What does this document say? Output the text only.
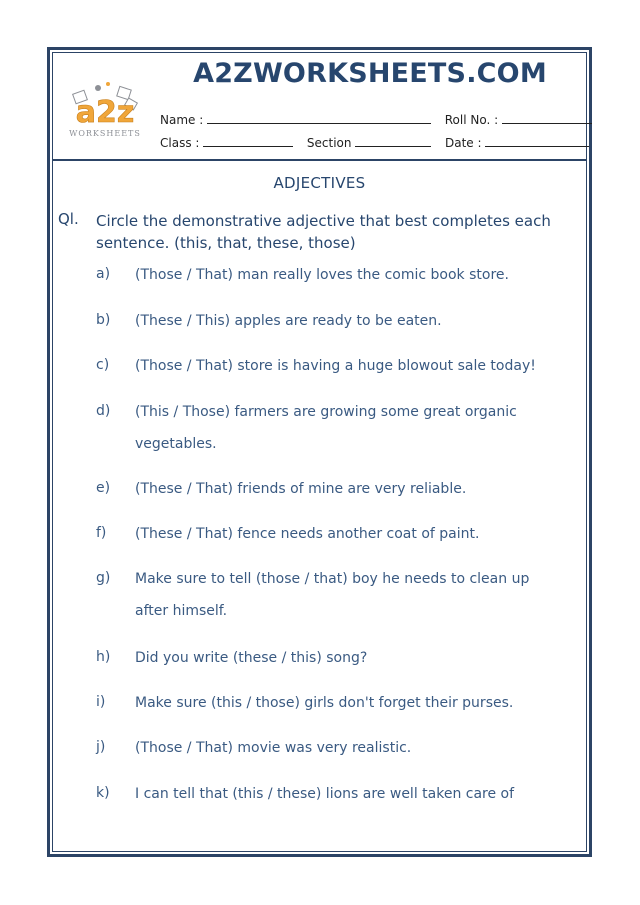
A2ZWORKSHEETS.COM
a2z
WORKSHEETS
Name :	Roll No. :
Class :	Section	Date :
ADJECTIVES
Ql. Circle the demonstrative adjective that best completes each sentence. (this, that, these, those)
a) (Those / That) man really loves the comic book store.
b) (These / This) apples are ready to be eaten.
c) (Those / That) store is having a huge blowout sale today!
d) (This / Those) farmers are growing some great organic
vegetables.
e) (These / That) friends of mine are very reliable.
f) (These / That) fence needs another coat of paint.
g) Make sure to tell (those / that) boy he needs to clean up
after himself.
h) Did you write (these / this) song?
i) Make sure (this / those) girls don't forget their purses.
j) (Those / That) movie was very realistic.
k) I can tell that (this / these) lions are well taken care of
